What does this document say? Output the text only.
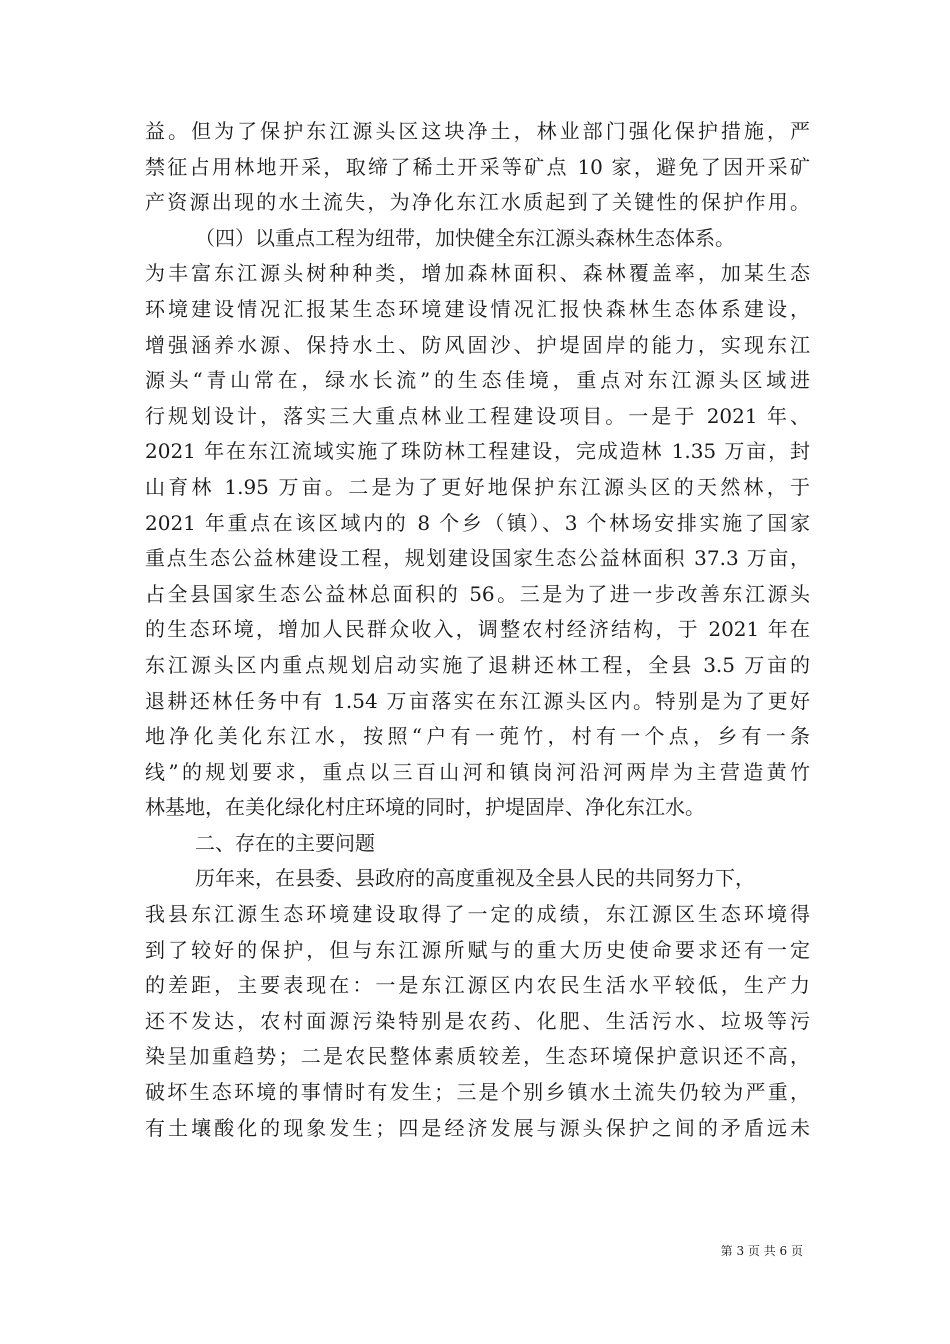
益。但为了保护东江源头区这块净土，林业部门强化保护措施，严
禁征占用林地开采，取缔了稀土开采等矿点 10 家，避免了因开采矿
产资源出现的水土流失，为净化东江水质起到了关键性的保护作用。
（四）以重点工程为纽带，加快健全东江源头森林生态体系。
为丰富东江源头树种种类，增加森林面积、森林覆盖率，加某生态
环境建设情况汇报某生态环境建设情况汇报快森林生态体系建设，
增强涵养水源、保持水土、防风固沙、护堤固岸的能力，实现东江
源头“青山常在，绿水长流”的生态佳境，重点对东江源头区域进
行规划设计，落实三大重点林业工程建设项目。一是于 2021 年、
2021 年在东江流域实施了珠防林工程建设，完成造林 1.35 万亩，封
山育林 1.95 万亩。二是为了更好地保护东江源头区的天然林，于
2021 年重点在该区域内的 8 个乡（镇）、3 个林场安排实施了国家
重点生态公益林建设工程，规划建设国家生态公益林面积 37.3 万亩，
占全县国家生态公益林总面积的 56。三是为了进一步改善东江源头
的生态环境，增加人民群众收入，调整农村经济结构，于 2021 年在
东江源头区内重点规划启动实施了退耕还林工程，全县 3.5 万亩的
退耕还林任务中有 1.54 万亩落实在东江源头区内。特别是为了更好
地净化美化东江水，按照“户有一蔸竹，村有一个点，乡有一条
线”的规划要求，重点以三百山河和镇岗河沿河两岸为主营造黄竹
林基地，在美化绿化村庄环境的同时，护堤固岸、净化东江水。
二、存在的主要问题
历年来，在县委、县政府的高度重视及全县人民的共同努力下，
我县东江源生态环境建设取得了一定的成绩，东江源区生态环境得
到了较好的保护，但与东江源所赋与的重大历史使命要求还有一定
的差距，主要表现在：一是东江源区内农民生活水平较低，生产力
还不发达，农村面源污染特别是农药、化肥、生活污水、垃圾等污
染呈加重趋势；二是农民整体素质较差，生态环境保护意识还不高，
破坏生态环境的事情时有发生；三是个别乡镇水土流失仍较为严重，
有土壤酸化的现象发生；四是经济发展与源头保护之间的矛盾远未
第 3 页 共 6 页
